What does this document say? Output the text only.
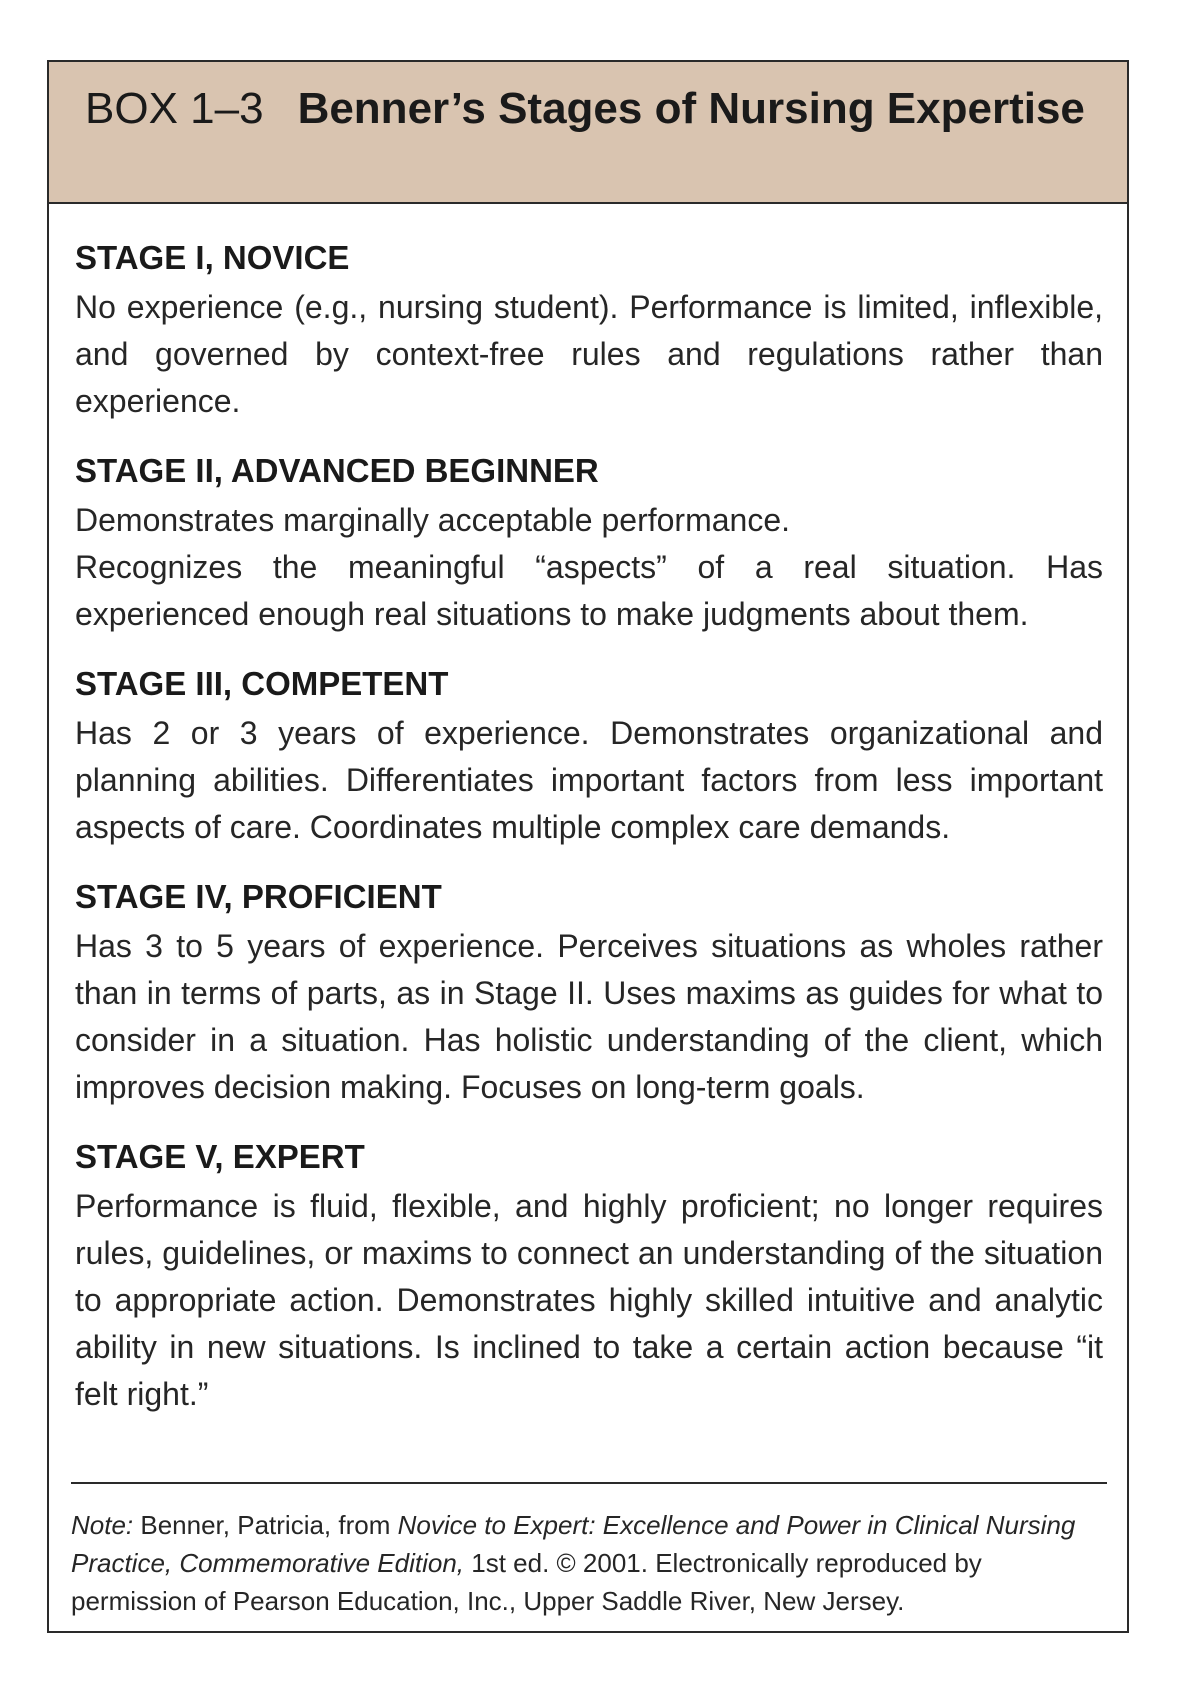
BOX 1–3 Benner’s Stages of Nursing Expertise
STAGE I, NOVICE

No experience (e.g., nursing student). Performance is limited, inflexible, and governed by context-free rules and regulations rather than experience.

STAGE II, ADVANCED BEGINNER

Demonstrates marginally acceptable performance.

Recognizes the meaningful “aspects” of a real situation. Has experienced enough real situations to make judgments about them.

STAGE III, COMPETENT

Has 2 or 3 years of experience. Demonstrates organizational and planning abilities. Differentiates important factors from less important aspects of care. Coordinates multiple complex care demands.

STAGE IV, PROFICIENT

Has 3 to 5 years of experience. Perceives situations as wholes rather than in terms of parts, as in Stage II. Uses maxims as guides for what to consider in a situation. Has holistic understanding of the client, which improves decision making. Focuses on long-term goals.

STAGE V, EXPERT

Performance is fluid, flexible, and highly proficient; no longer requires rules, guidelines, or maxims to connect an understanding of the situation to appropriate action. Demonstrates highly skilled intuitive and analytic ability in new situations. Is inclined to take a certain action because “it felt right.”

Note: Benner, Patricia, from Novice to Expert: Excellence and Power in Clinical Nursing Practice, Commemorative Edition, 1st ed. © 2001. Electronically reproduced by permission of Pearson Education, Inc., Upper Saddle River, New Jersey.
